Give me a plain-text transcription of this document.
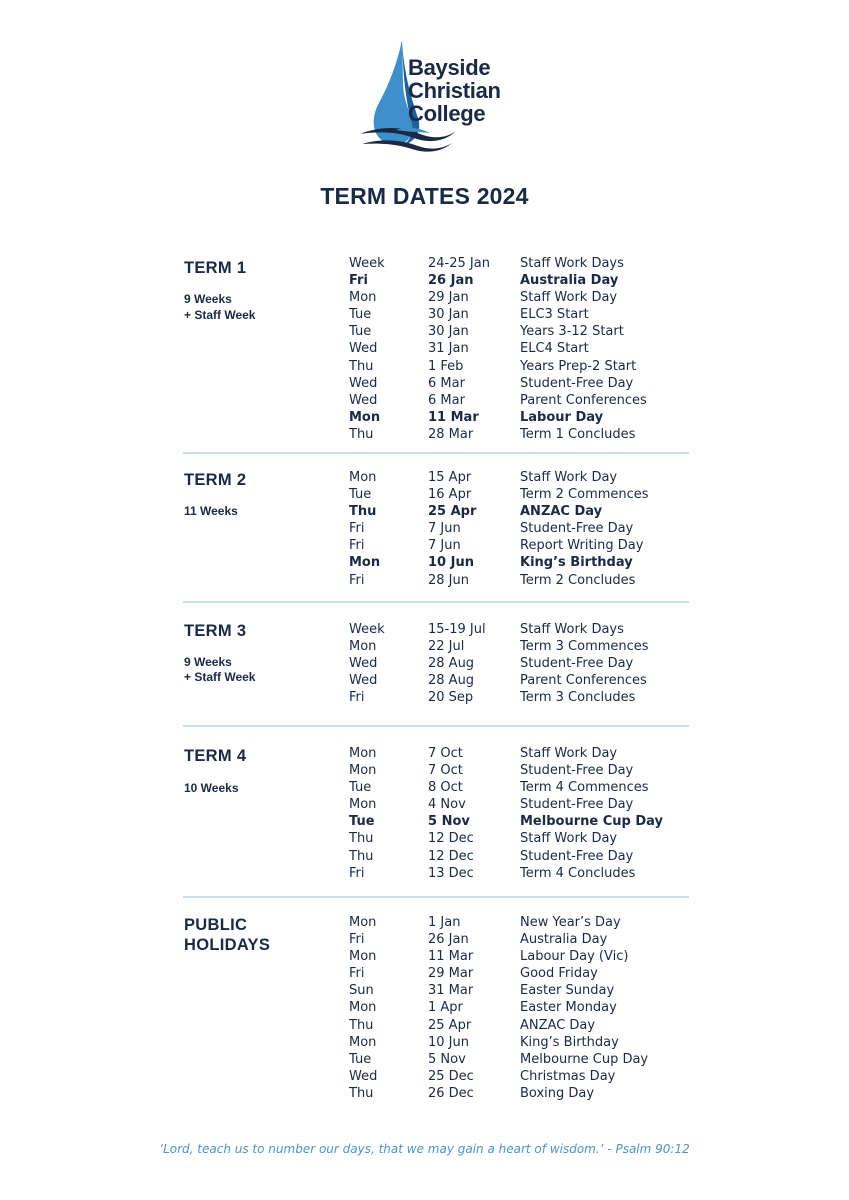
Bayside
Christian
College
TERM DATES 2024
TERM 1
9 Weeks
+ Staff Week
Week	24-25 Jan Staff Work Days
Fri	26 Jan	Australia Day
Mon	29 Jan	Staff Work Day
Tue	30 Jan	ELC3 Start
Tue	30 Jan	Years 3-12 Start
Wed	31 Jan	ELC4 Start
Thu	1 Feb	Years Prep-2 Start
Wed	6 Mar	Student-Free Day
Wed	6 Mar	Parent Conferences
Mon	11 Mar	Labour Day
Thu	28 Mar	Term 1 Concludes
TERM 2
11 Weeks
Mon	15 Apr	Staff Work Day
Tue	16 Apr	Term 2 Commences
Thu	25 Apr	ANZAC Day
Fri	7 Jun	Student-Free Day
Fri	7 Jun	Report Writing Day
Mon	10 Jun	King’s Birthday
Fri	28 Jun	Term 2 Concludes
TERM 3
9 Weeks
+ Staff Week
Week	15-19 Jul	Staff Work Days
Mon	22 Jul	Term 3 Commences
Wed	28 Aug	Student-Free Day
Wed	28 Aug	Parent Conferences
Fri	20 Sep	Term 3 Concludes
TERM 4
10 Weeks
Mon	7 Oct	Staff Work Day
Mon	7 Oct	Student-Free Day
Tue	8 Oct	Term 4 Commences
Mon	4 Nov	Student-Free Day
Tue	5 Nov	Melbourne Cup Day
Thu	12 Dec	Staff Work Day
Thu	12 Dec	Student-Free Day
Fri	13 Dec	Term 4 Concludes
PUBLIC
HOLIDAYS
Mon	1 Jan	New Year’s Day
Fri	26 Jan	Australia Day
Mon	11 Mar	Labour Day (Vic)
Fri	29 Mar	Good Friday
Sun	31 Mar	Easter Sunday
Mon	1 Apr	Easter Monday
Thu	25 Apr	ANZAC Day
Mon	10 Jun	King’s Birthday
Tue	5 Nov	Melbourne Cup Day
Wed	25 Dec	Christmas Day
Thu	26 Dec	Boxing Day
‘Lord, teach us to number our days, that we may gain a heart of wisdom.’ - Psalm 90:12
